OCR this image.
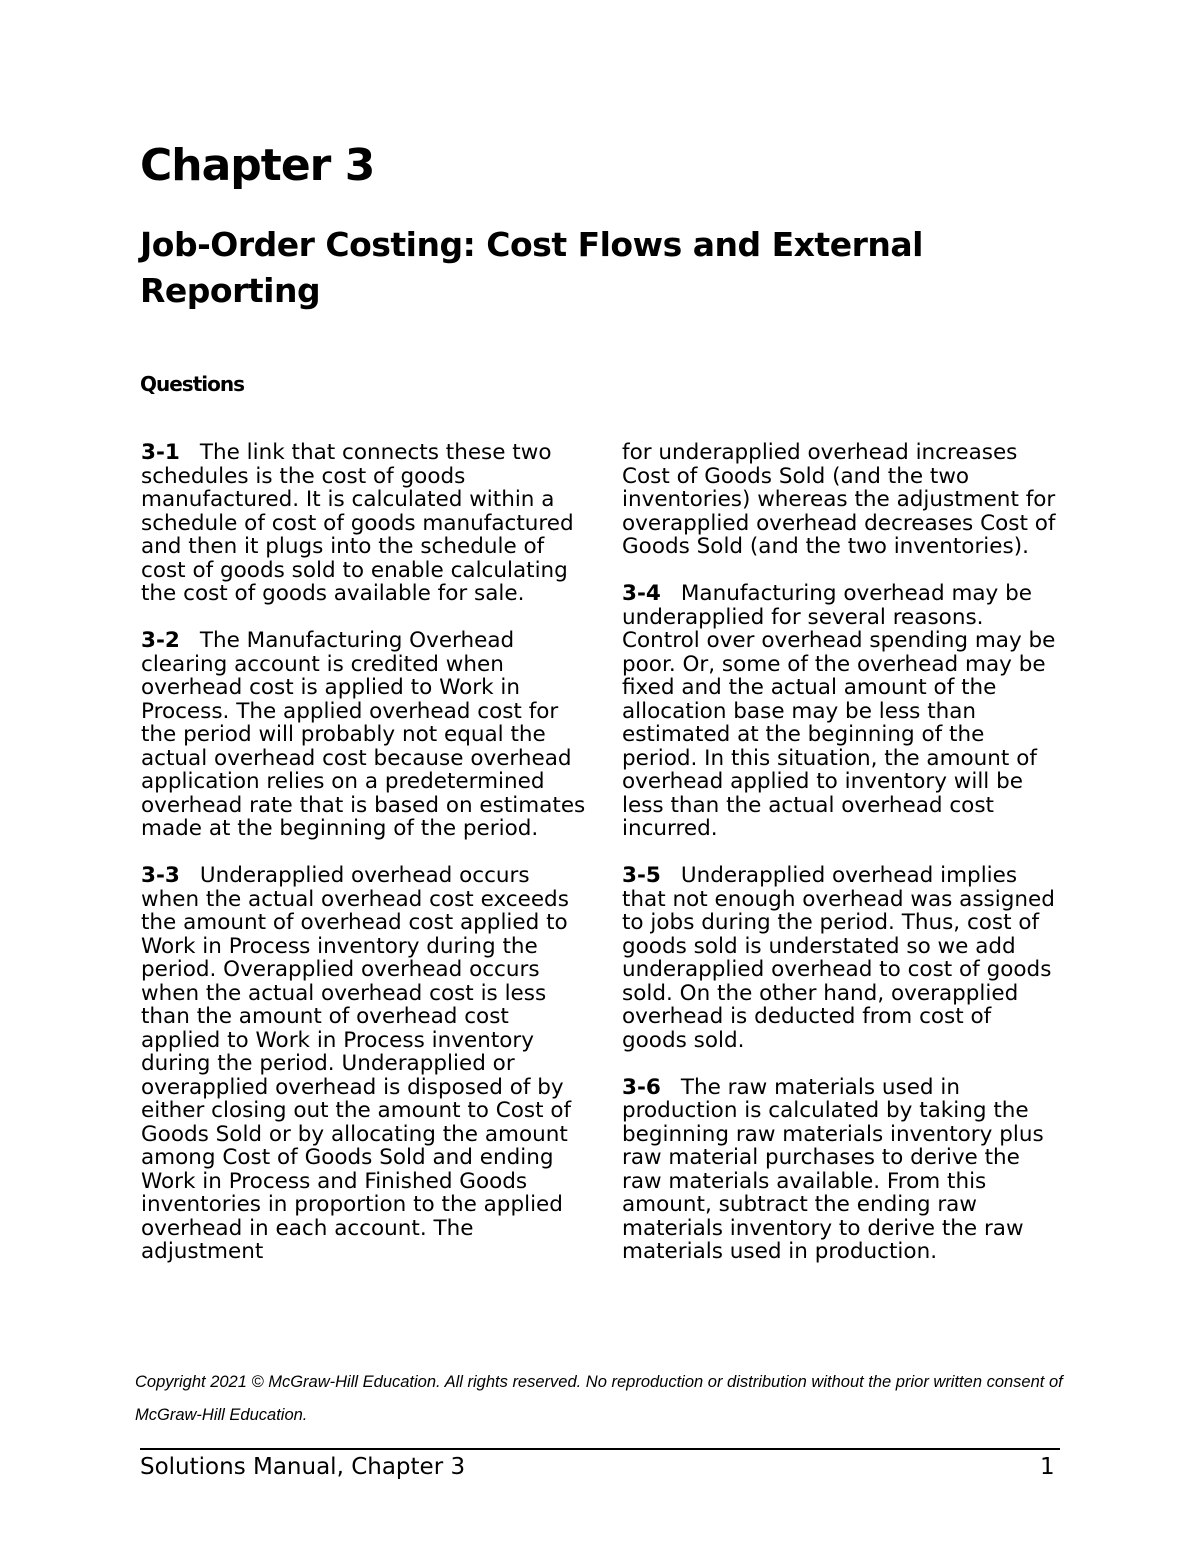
Chapter 3
Job-Order Costing: Cost Flows and External Reporting
Questions

3-1 The link that connects these two schedules is the cost of goods manufactured. It is calculated within a schedule of cost of goods manufactured and then it plugs into the schedule of cost of goods sold to enable calculating the cost of goods available for sale.

3-2 The Manufacturing Overhead clearing account is credited when overhead cost is applied to Work in Process. The applied overhead cost for the period will probably not equal the actual overhead cost because overhead application relies on a predetermined overhead rate that is based on estimates made at the beginning of the period.

3-3 Underapplied overhead occurs when the actual overhead cost exceeds the amount of overhead cost applied to Work in Process inventory during the period. Overapplied overhead occurs when the actual overhead cost is less than the amount of overhead cost applied to Work in Process inventory during the period. Underapplied or overapplied overhead is disposed of by either closing out the amount to Cost of Goods Sold or by allocating the amount among Cost of Goods Sold and ending Work in Process and Finished Goods inventories in proportion to the applied overhead in each account. The adjustment

for underapplied overhead increases Cost of Goods Sold (and the two inventories) whereas the adjustment for overapplied overhead decreases Cost of Goods Sold (and the two inventories).

3-4 Manufacturing overhead may be underapplied for several reasons. Control over overhead spending may be poor. Or, some of the overhead may be fixed and the actual amount of the allocation base may be less than estimated at the beginning of the period. In this situation, the amount of overhead applied to inventory will be less than the actual overhead cost incurred.

3-5 Underapplied overhead implies that not enough overhead was assigned to jobs during the period. Thus, cost of goods sold is understated so we add underapplied overhead to cost of goods sold. On the other hand, overapplied overhead is deducted from cost of goods sold.

3-6 The raw materials used in production is calculated by taking the beginning raw materials inventory plus raw material purchases to derive the raw materials available. From this amount, subtract the ending raw materials inventory to derive the raw materials used in production.

Copyright 2021 © McGraw-Hill Education. All rights reserved. No reproduction or distribution without the prior written consent of McGraw-Hill Education.

Solutions Manual, Chapter 3	1
